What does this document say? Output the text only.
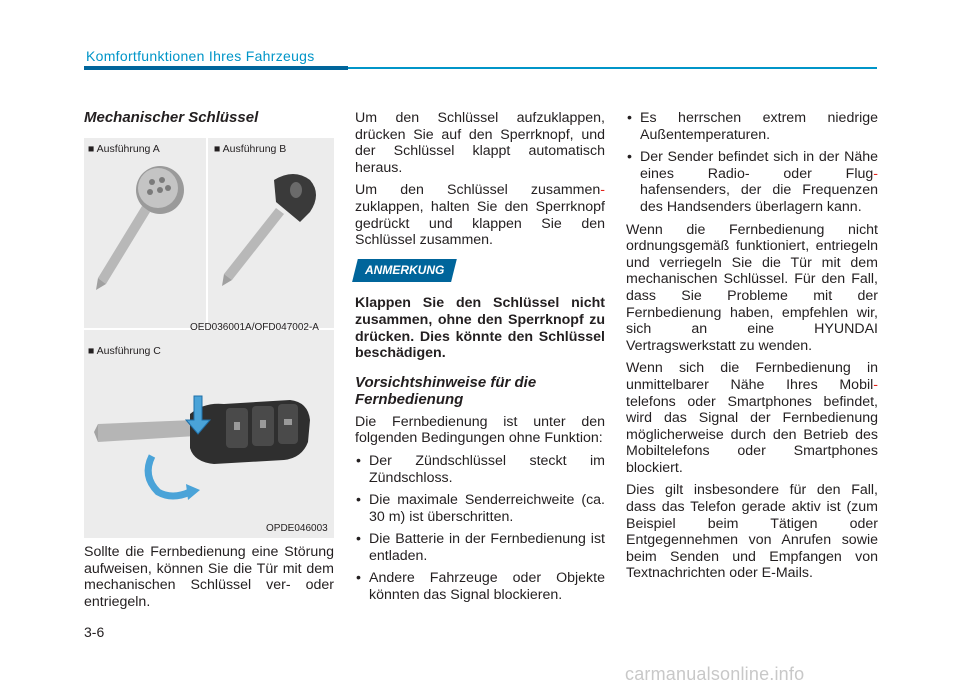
Komfortfunktionen Ihres Fahrzeugs

Mechanischer Schlüssel

■ Ausführung A	■ Ausführung B
OED036001A/OFD047002-A
■ Ausführung C
OPDE046003

Sollte die Fernbedienung eine Störung aufweisen, können Sie die Tür mit dem mechanischen Schlüssel ver- oder entriegeln.

Um den Schlüssel aufzuklappen, drücken Sie auf den Sperrknopf, und der Schlüssel klappt automatisch heraus.

Um den Schlüssel zusammen- zuklappen, halten Sie den Sperrknopf gedrückt und klappen Sie den Schlüssel zusammen.

ANMERKUNG

Klappen Sie den Schlüssel nicht zusammen, ohne den Sperrknopf zu drücken. Dies könnte den Schlüssel beschädigen.

Vorsichtshinweise für die
Fernbedienung

Die Fernbedienung ist unter den folgenden Bedingungen ohne Funktion:

• Der Zündschlüssel steckt im Zündschloss.
• Die maximale Senderreichweite (ca. 30 m) ist überschritten.
• Die Batterie in der Fernbedienung ist entladen.
• Andere Fahrzeuge oder Objekte könnten das Signal blockieren.
• Es herrschen extrem niedrige Außentemperaturen.
• Der Sender befindet sich in der Nähe eines Radio- oder Flug- hafensenders, der die Frequenzen des Handsenders überlagern kann.

Wenn die Fernbedienung nicht ordnungsgemäß funktioniert, entriegeln und verriegeln Sie die Tür mit dem mechanischen Schlüssel. Für den Fall, dass Sie Probleme mit der Fernbedienung haben, empfehlen wir, sich an eine HYUNDAI Vertragswerkstatt zu wenden.

Wenn sich die Fernbedienung in unmittelbarer Nähe Ihres Mobil- telefons oder Smartphones befindet, wird das Signal der Fernbedienung möglicherweise durch den Betrieb des Mobiltelefons oder Smartphones blockiert.

Dies gilt insbesondere für den Fall, dass das Telefon gerade aktiv ist (zum Beispiel beim Tätigen oder Entgegennehmen von Anrufen sowie beim Senden und Empfangen von Textnachrichten oder E-Mails.

3-6
carmanualsonline.info
